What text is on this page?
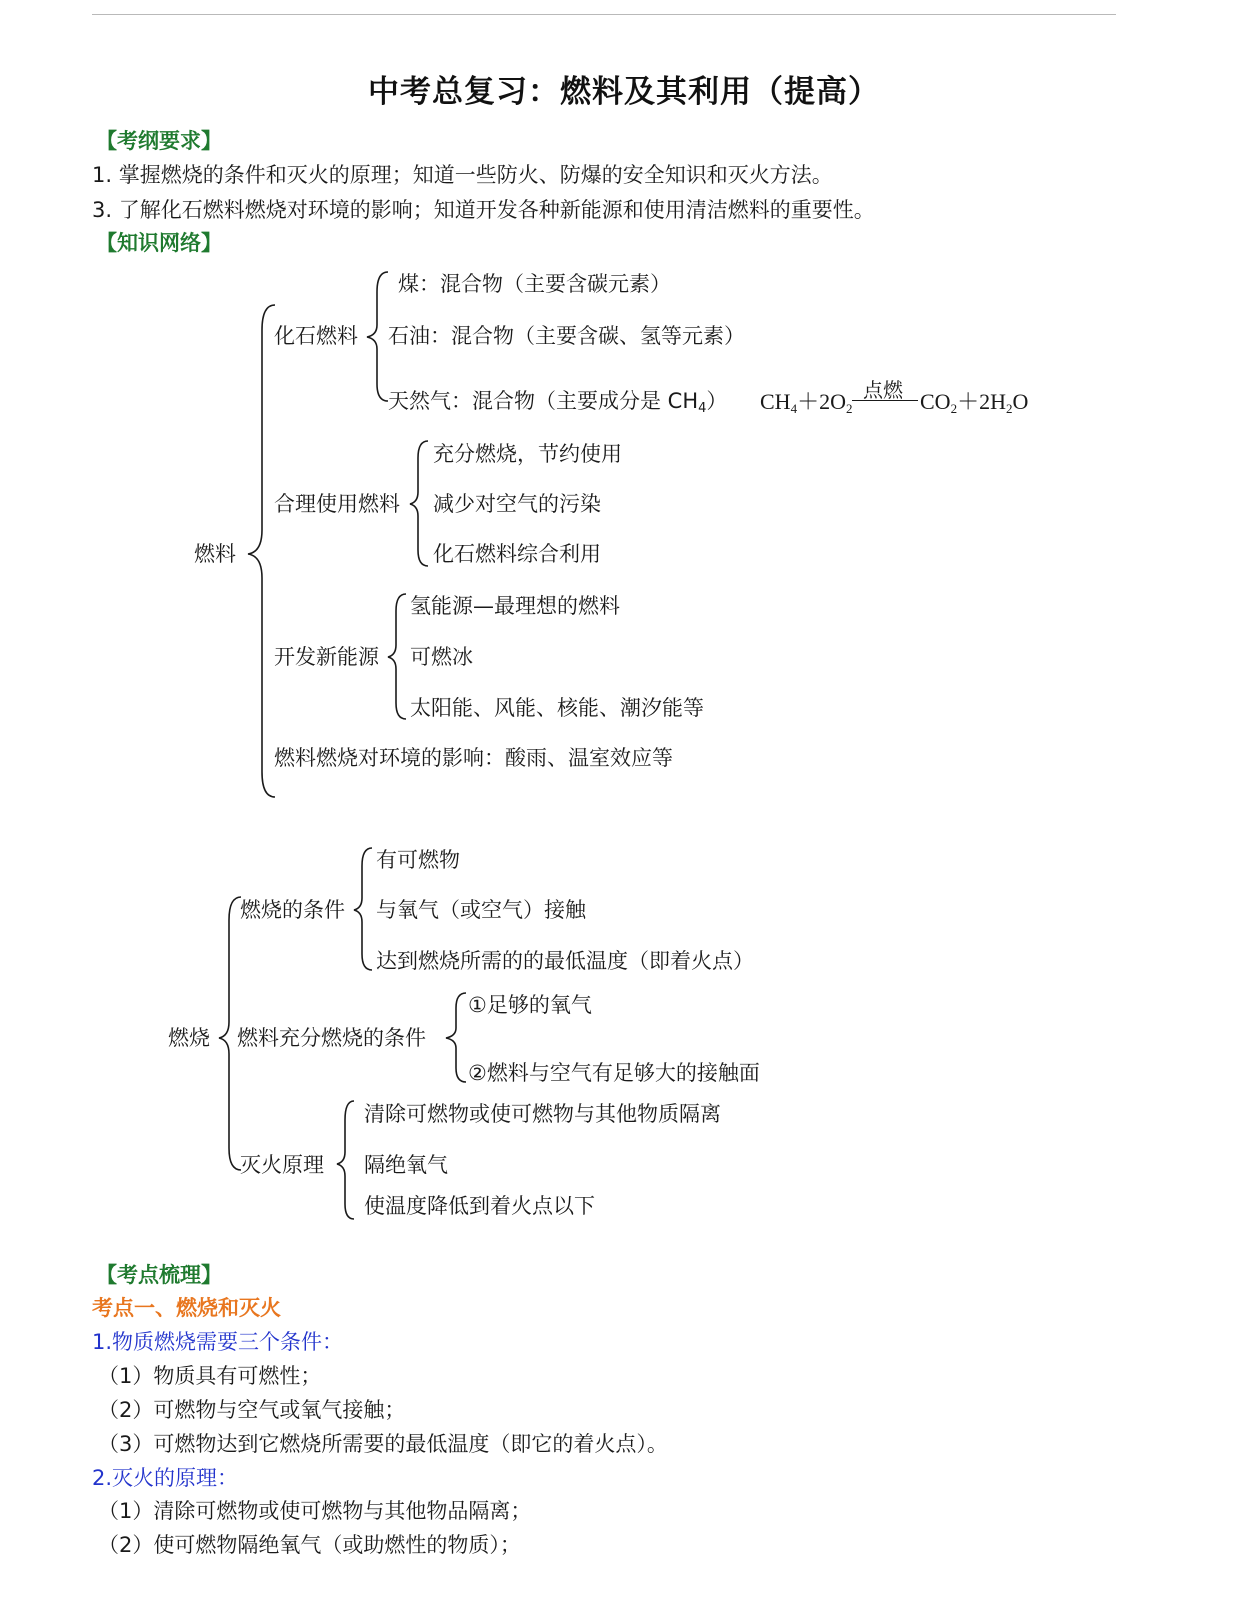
中考总复习：燃料及其利用（提高）
【考纲要求】
1. 掌握燃烧的条件和灭火的原理；知道一些防火、防爆的安全知识和灭火方法。
3. 了解化石燃料燃烧对环境的影响；知道开发各种新能源和使用清洁燃料的重要性。
【知识网络】
燃料
化石燃料
煤：混合物（主要含碳元素）
石油：混合物（主要含碳、氢等元素）
天然气：混合物（主要成分是 $CH_4$） $CH_4+2O_2$
点燃 $CO_2+2H_2O$
合理使用燃料
充分燃烧，节约使用
减少对空气的污染
化石燃料综合利用
开发新能源
氢能源—最理想的燃料
可燃冰
太阳能、风能、核能、潮汐能等
燃料燃烧对环境的影响：酸雨、温室效应等
燃烧
燃烧的条件
有可燃物
与氧气（或空气）接触
达到燃烧所需的的最低温度（即着火点）
燃料充分燃烧的条件
①足够的氧气
②燃料与空气有足够大的接触面
灭火原理
清除可燃物或使可燃物与其他物质隔离
隔绝氧气
使温度降低到着火点以下
【考点梳理】
考点一、燃烧和灭火
1.物质燃烧需要三个条件：
（1）物质具有可燃性；
（2）可燃物与空气或氧气接触；
（3）可燃物达到它燃烧所需要的最低温度（即它的着火点）。
2.灭火的原理：
（1）清除可燃物或使可燃物与其他物品隔离；
（2）使可燃物隔绝氧气（或助燃性的物质）；
